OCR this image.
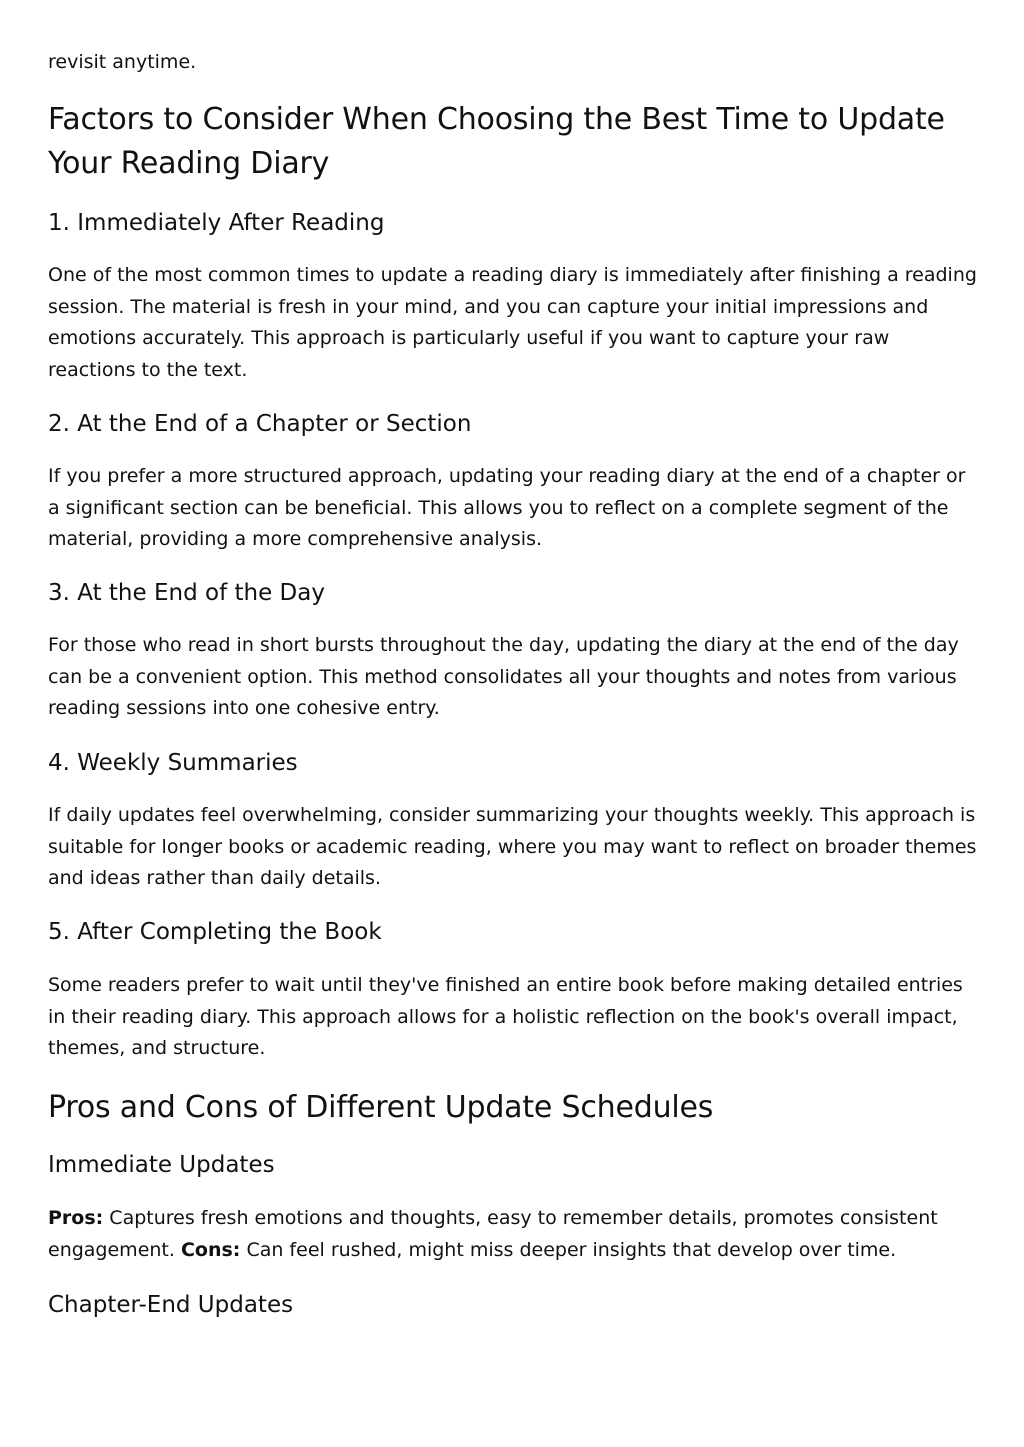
revisit anytime.

Factors to Consider When Choosing the Best Time to Update Your Reading Diary
1. Immediately After Reading

One of the most common times to update a reading diary is immediately after finishing a reading session. The material is fresh in your mind, and you can capture your initial impressions and emotions accurately. This approach is particularly useful if you want to capture your raw reactions to the text.

2. At the End of a Chapter or Section

If you prefer a more structured approach, updating your reading diary at the end of a chapter or a significant section can be beneficial. This allows you to reflect on a complete segment of the material, providing a more comprehensive analysis.

3. At the End of the Day

For those who read in short bursts throughout the day, updating the diary at the end of the day can be a convenient option. This method consolidates all your thoughts and notes from various reading sessions into one cohesive entry.

4. Weekly Summaries

If daily updates feel overwhelming, consider summarizing your thoughts weekly. This approach is suitable for longer books or academic reading, where you may want to reflect on broader themes and ideas rather than daily details.

5. After Completing the Book

Some readers prefer to wait until they've finished an entire book before making detailed entries in their reading diary. This approach allows for a holistic reflection on the book's overall impact, themes, and structure.

Pros and Cons of Different Update Schedules
Immediate Updates

Pros: Captures fresh emotions and thoughts, easy to remember details, promotes consistent engagement. Cons: Can feel rushed, might miss deeper insights that develop over time.

Chapter-End Updates
